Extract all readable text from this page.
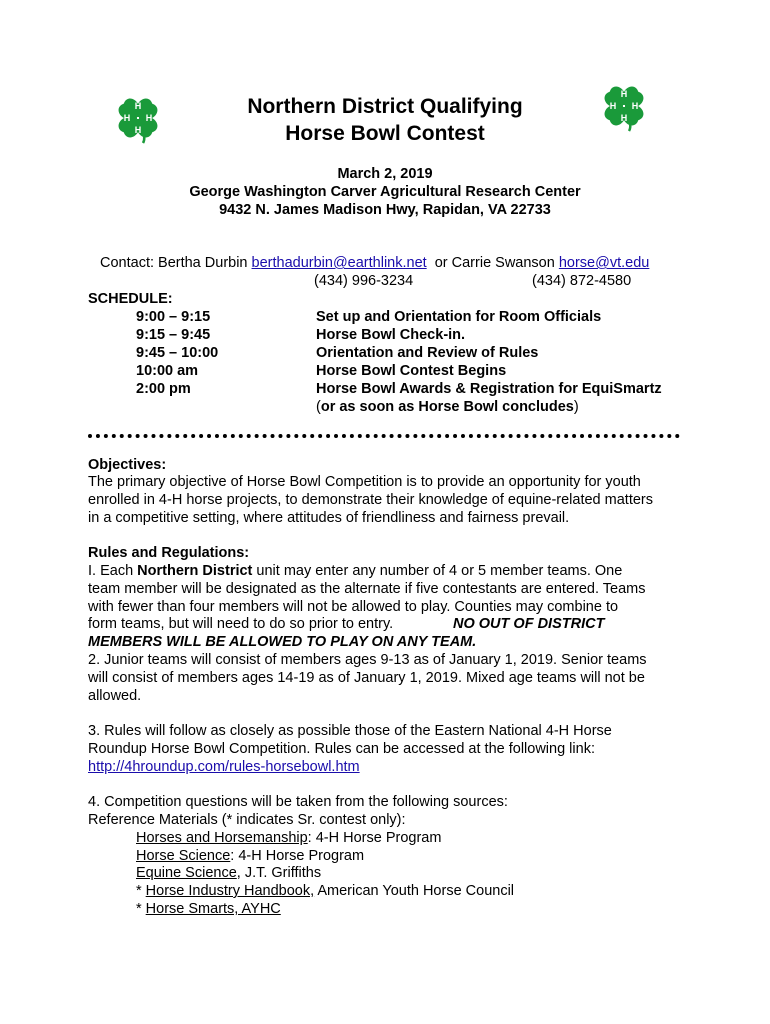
H
H
H
H
H
H
H
H
Northern District Qualifying
Horse Bowl Contest
March 2, 2019
George Washington Carver Agricultural Research Center
9432 N. James Madison Hwy, Rapidan, VA 22733
Contact: Bertha Durbin berthadurbin@earthlink.net  or Carrie Swanson horse@vt.edu
(434) 996-3234	(434) 872-4580
SCHEDULE:
9:00 – 9:15	Set up and Orientation for Room Officials
9:15 – 9:45	Horse Bowl Check-in.
9:45 – 10:00	Orientation and Review of Rules
10:00 am	Horse Bowl Contest Begins
2:00 pm	Horse Bowl Awards & Registration for EquiSmartz
(or as soon as Horse Bowl concludes)
Objectives:
The primary objective of Horse Bowl Competition is to provide an opportunity for youth
enrolled in 4-H horse projects, to demonstrate their knowledge of equine-related matters
in a competitive setting, where attitudes of friendliness and fairness prevail.
Rules and Regulations:
I. Each Northern District unit may enter any number of 4 or 5 member teams. One
team member will be designated as the alternate if five contestants are entered. Teams
with fewer than four members will not be allowed to play. Counties may combine to
form teams, but will need to do so prior to entry.	NO OUT OF DISTRICT
MEMBERS WILL BE ALLOWED TO PLAY ON ANY TEAM.
2. Junior teams will consist of members ages 9-13 as of January 1, 2019. Senior teams
will consist of members ages 14-19 as of January 1, 2019. Mixed age teams will not be
allowed.
3. Rules will follow as closely as possible those of the Eastern National 4-H Horse
Roundup Horse Bowl Competition. Rules can be accessed at the following link:
http://4hroundup.com/rules-horsebowl.htm
4. Competition questions will be taken from the following sources:
Reference Materials (* indicates Sr. contest only):
Horses and Horsemanship: 4-H Horse Program
Horse Science: 4-H Horse Program
Equine Science, J.T. Griffiths
* Horse Industry Handbook, American Youth Horse Council
* Horse Smarts, AYHC
